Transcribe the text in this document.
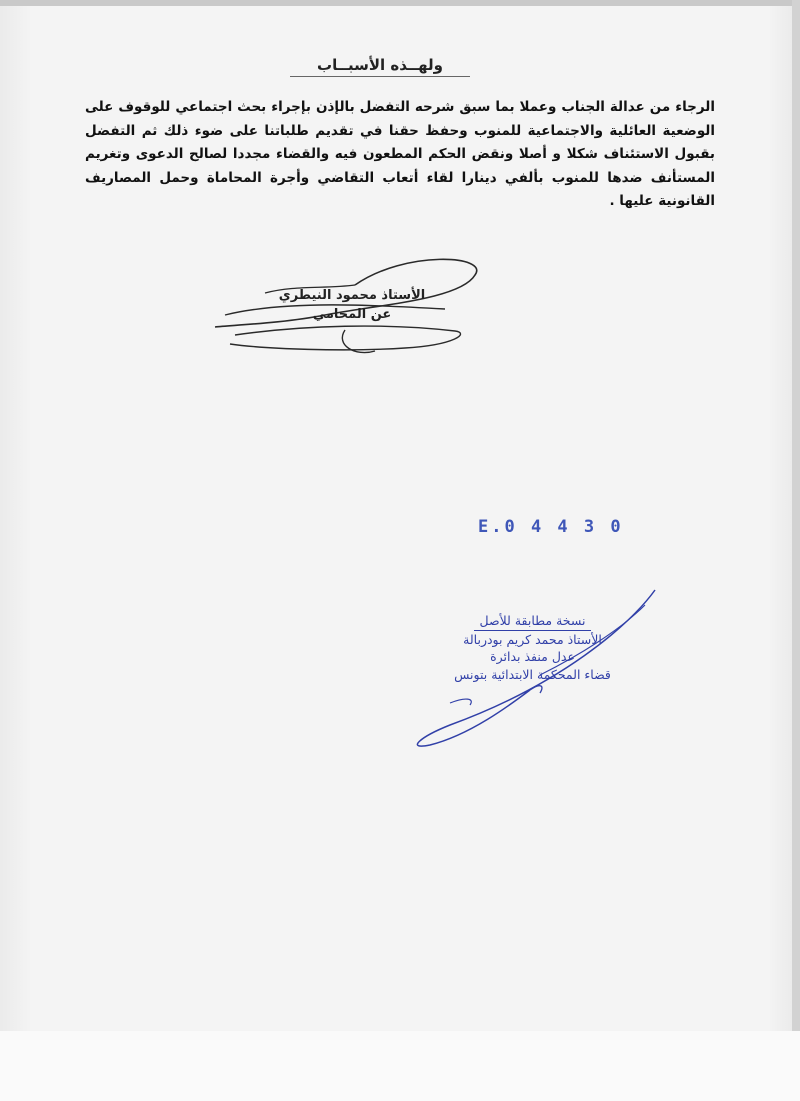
ولهــذه الأسبــاب
الرجاء من عدالة الجناب وعملا بما سبق شرحه التفضل بالإذن بإجراء بحث اجتماعي للوقوف على الوضعية العائلية والاجتماعية للمنوب وحفظ حقنا في تقديم طلباتنا على ضوء ذلك ثم التفضل بقبول الاستئناف شكلا و أصلا ونقض الحكم المطعون فيه والقضاء مجددا لصالح الدعوى وتغريم المستأنف ضدها للمنوب بألفي دينارا لقاء أتعاب التقاضي وأجرة المحاماة وحمل المصاريف القانونية عليها .
الأستاذ محمود النيطري
عن المحامي
E.0 4 4 3 0
نسخة مطابقة للأصل
الأستاذ محمد كريم بودربالة
عدل منفذ بدائرة
قضاء المحكمة الابتدائية بتونس
